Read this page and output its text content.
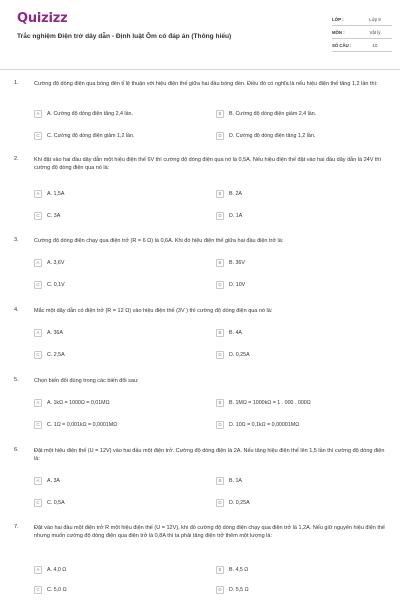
Quizizz
Trắc nghiệm Điện trở dây dẫn - Định luật Ôm có đáp án (Thông hiểu)
LỚP :	Lớp 9
MÔN :	Vật lý
SỐ CÂU :	10
1.	Cường độ dòng điện qua bóng đèn tỉ lệ thuận với hiệu điện thế giữa hai đầu bóng đèn. Điều đó có nghĩa là nếu hiệu điện thế tăng 1,2 lần thì:
A	A. Cường độ dòng điện tăng 2,4 lần.	B	B. Cường độ dòng điện giảm 2,4 lần.
C	C. Cường độ dòng điện giảm 1,2 lần.	D	D. Cường độ dòng điện tăng 1,2 lần.
2.	Khi đặt vào hai đầu dây dẫn một hiệu điện thế 6V thì cường độ dòng điện qua nó là 0,5A. Nếu hiệu điện thế đặt vào hai đầu dây dẫn là 24V thì cường độ dòng điện qua nó là:
A	A. 1,5A	B	B. 2A
C	C. 3A	D	D. 1A
3.	Cường độ dòng điện chạy qua điện trở (R = 6 Ω) là 0,6A. Khi đó hiệu điện thế giữa hai đầu điện trở là:
A	A. 3,6V	B	B. 36V
C	C. 0,1V	D	D. 10V
4.	Mắc một dây dẫn có điện trở (R = 12 Ω) vào hiệu điện thế (3V ) thì cường độ dòng điện qua nó là:
A	A. 36A	B	B. 4A
C	C. 2,5A	D	D. 0,25A
5.	Chọn biến đổi đúng trong các biến đổi sau:
A	A. 1kΩ = 1000Ω = 0,01MΩ	B	B. 1MΩ = 1000kΩ = 1 . 000 . 000Ω
C	C. 1Ω = 0,001kΩ = 0,0001MΩ	D	D. 10Ω = 0,1kΩ = 0,00001MΩ
6.	Đặt một hiệu điện thế (U = 12V) vào hai đầu một điện trở. Cường độ dòng điện là 2A. Nếu tăng hiệu điện thế lên 1,5 lần thì cường độ dòng điện là:
A	A. 3A	B	B. 1A
C	C. 0,5A	D	D. 0,25A
7.	Đặt vào hai đầu một điện trở R một hiệu điện thế (U = 12V), khi đó cường độ dòng điện chạy qua điện trở là 1,2A. Nếu giữ nguyên hiệu điện thế nhưng muốn cường độ dòng điện qua điện trở là 0,8A thì ta phải tăng điện trở thêm một lượng là:
A	A. 4,0 Ω	B	B. 4,5 Ω
C	C. 5,0 Ω	D	D. 5,5 Ω
